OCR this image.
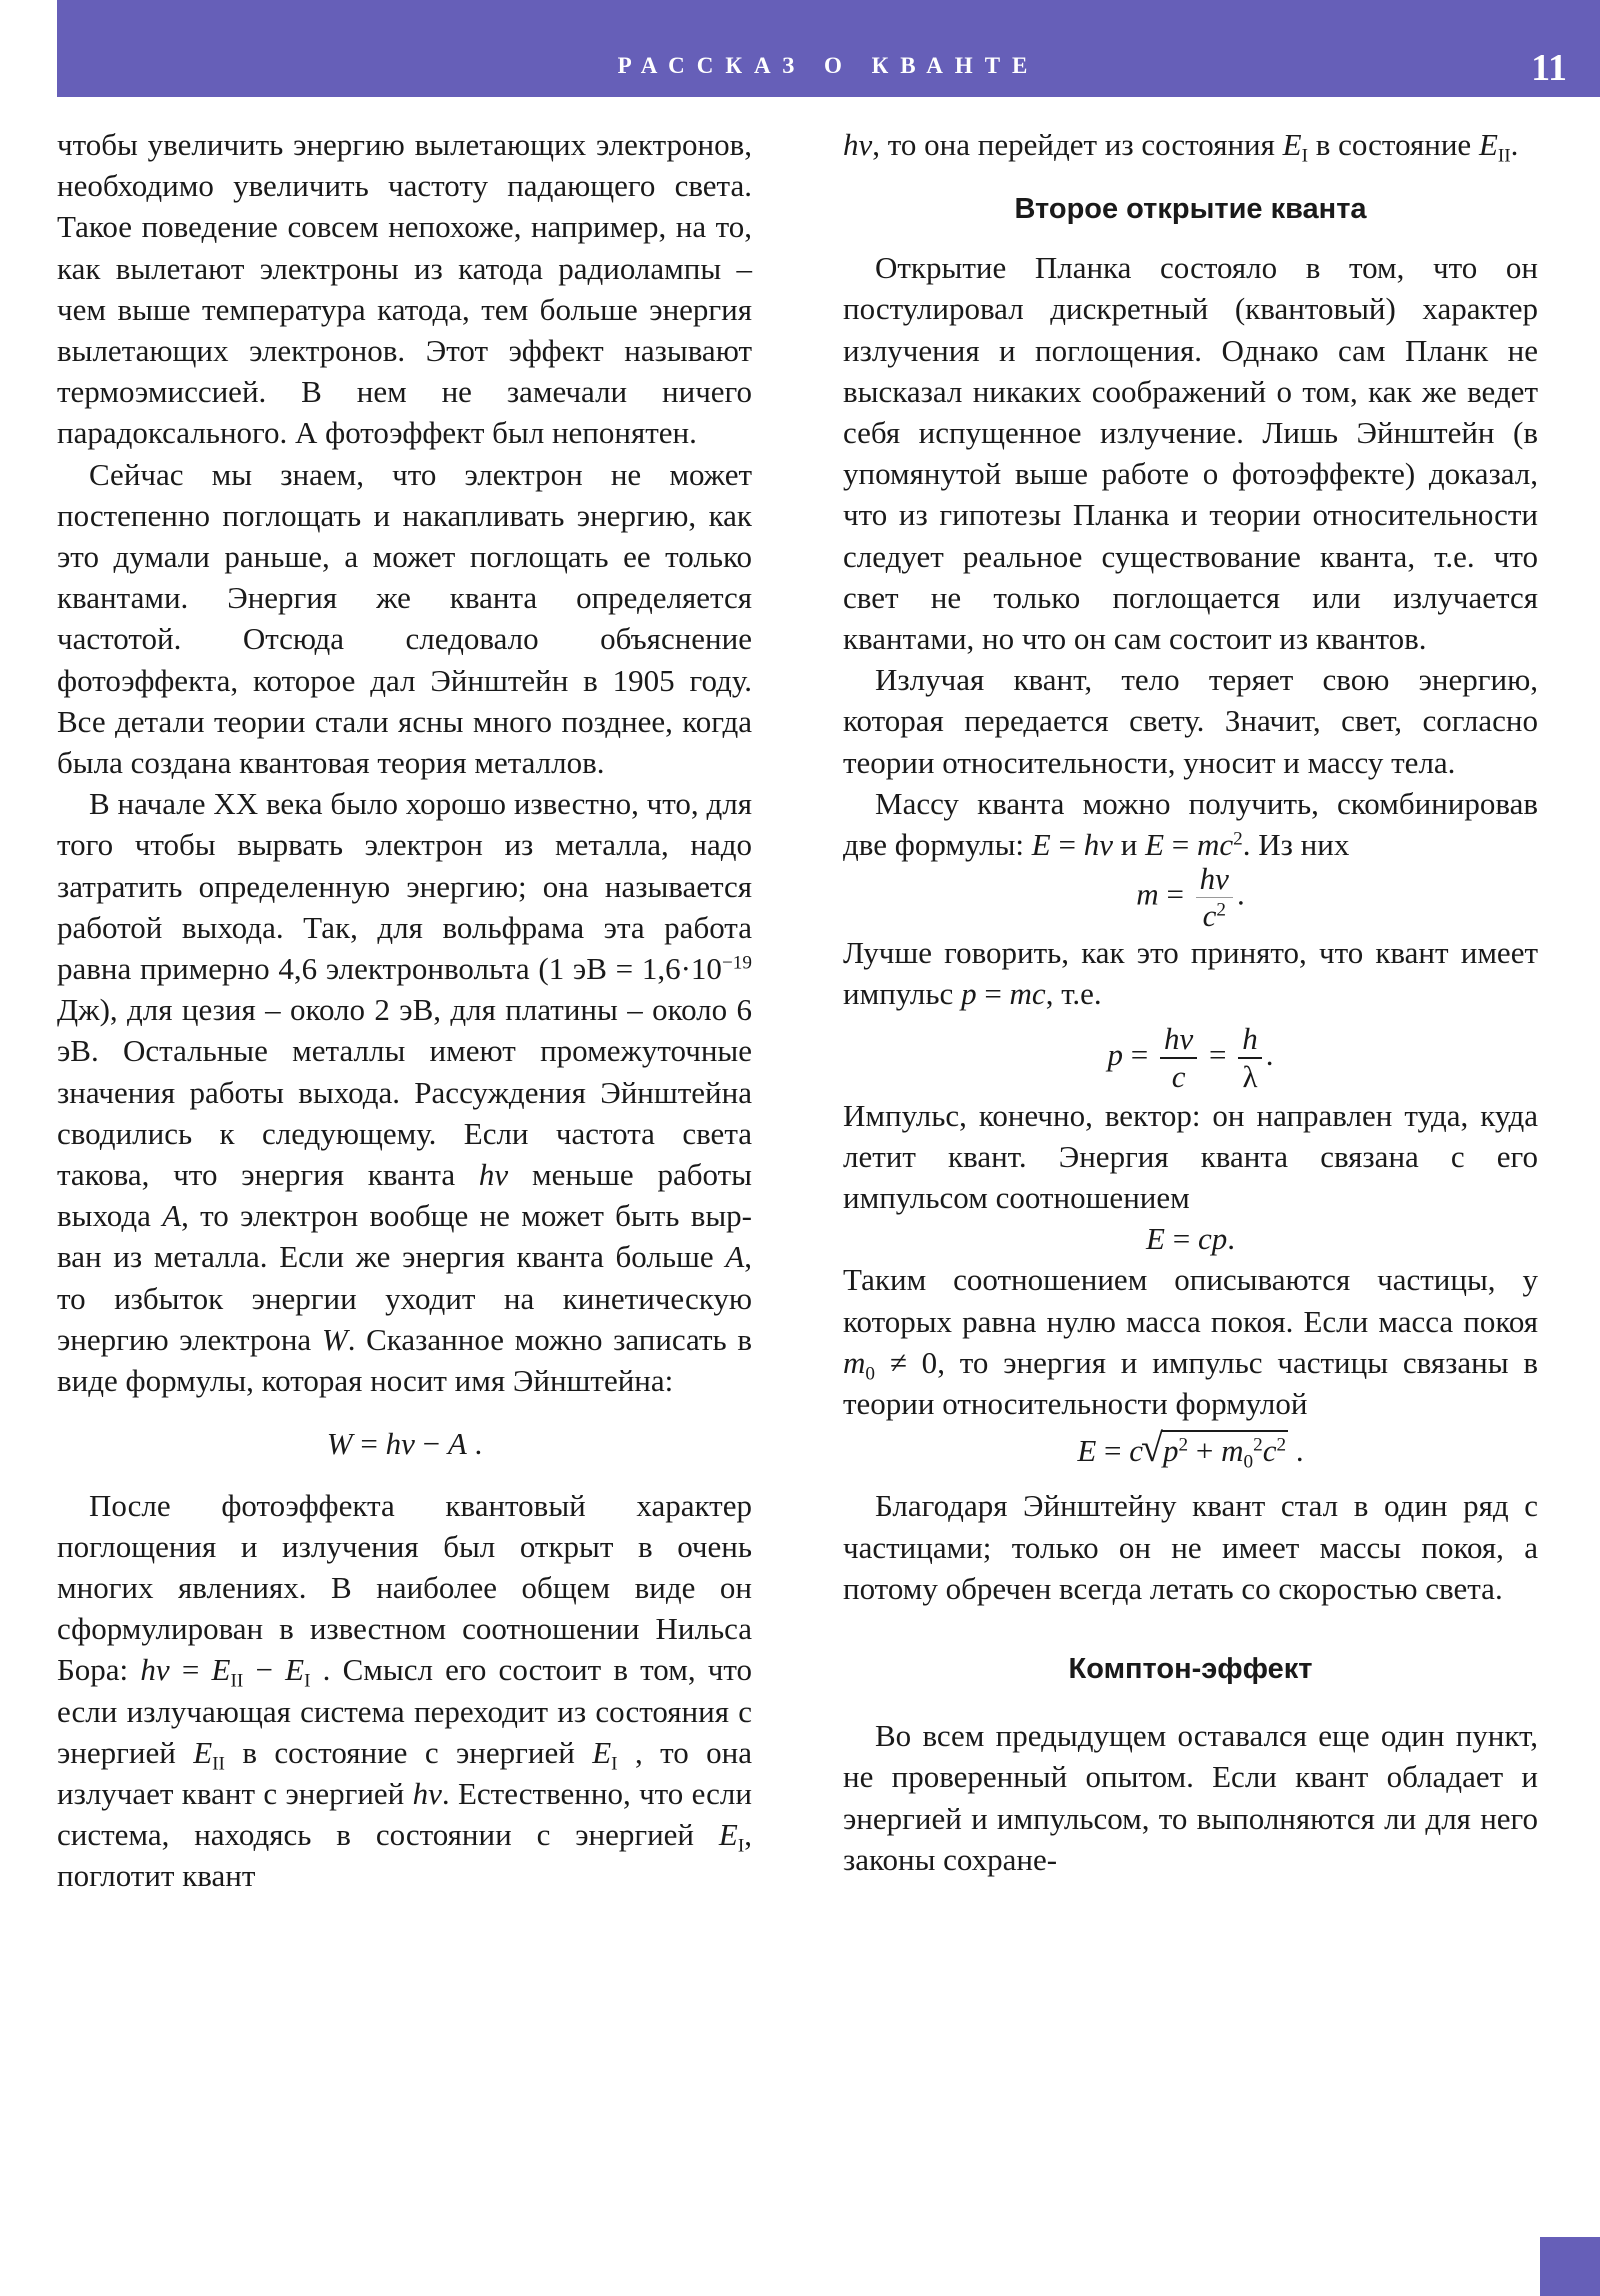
РАССКАЗ О КВАНТЕ	11

чтобы увеличить энергию вылетающих электронов, необходимо увеличить частоту падающего света. Такое поведение совсем непохоже, например, на то, как вылетают электроны из катода радиолампы – чем выше температура катода, тем больше энергия вылетающих электронов. Этот эффект называют термоэмиссией. В нем не замечали ничего парадоксального. А фотоэффект был непонятен.

Сейчас мы знаем, что электрон не может постепенно поглощать и накапливать энергию, как это думали раньше, а может поглощать ее только квантами. Энергия же кванта определяется частотой. Отсюда следовало объяснение фотоэффекта, которое дал Эйнштейн в 1905 году. Все детали теории стали ясны много позднее, когда была создана квантовая теория металлов.

В начале XX века было хорошо известно, что, для того чтобы вырвать электрон из металла, надо затратить определенную энергию; она называется работой выхода. Так, для вольфрама эта работа равна примерно 4,6 электронвольта (1 эВ = $1,6\cdot 10^{-19}$ Дж), для цезия – около 2 эВ, для платины – около 6 эВ. Остальные металлы имеют промежуточные значения работы выхода. Рассуждения Эйнштейна сводились к следующему. Если частота света такова, что энергия кванта hν меньше работы выхода A, то электрон вообще не может быть вырван из металла. Если же энергия кванта больше A, то избыток энергии уходит на кинетическую энергию электрона W. Сказанное можно записать в виде формулы, которая носит имя Эйнштейна:

W = hν − A .

После фотоэффекта квантовый характер поглощения и излучения был открыт в очень многих явлениях. В наиболее общем виде он сформулирован в известном соотношении Нильса Бора: $h\nu = E_{II} - E_I$ . Смысл его состоит в том, что если излучающая система переходит из состояния с энергией $E_{II}$ в состояние с энергией $E_I$ , то она излучает квант с энергией hν. Естественно, что если система, находясь в состоянии с энергией $E_I$, поглотит квант

hν, то она перейдет из состояния $E_I$ в состояние $E_{II}$.

Второе открытие кванта

Открытие Планка состояло в том, что он постулировал дискретный (квантовый) характер излучения и поглощения. Однако сам Планк не высказал никаких соображений о том, как же ведет себя испущенное излучение. Лишь Эйнштейн (в упомянутой выше работе о фотоэффекте) доказал, что из гипотезы Планка и теории относительности следует реальное существование кванта, т.е. что свет не только поглощается или излучается квантами, но что он сам состоит из квантов.

Излучая квант, тело теряет свою энергию, которая передается свету. Значит, свет, согласно теории относительности, уносит и массу тела.

Массу кванта можно получить, скомбинировав две формулы: E = hν и $E = mc^2$. Из них

$m = \frac{h\nu}{c^2}$ .

Лучше говорить, как это принято, что квант имеет импульс p = mc, т.е.

$p = \frac{h\nu}{c} = \frac{h}{\lambda}$ .

Импульс, конечно, вектор: он направлен туда, куда летит квант. Энергия кванта связана с его импульсом соотношением

E = cp.

Таким соотношением описываются частицы, у которых равна нулю масса покоя. Если масса покоя $m_0 \ne 0$, то энергия и импульс частицы связаны в теории относительности формулой

E = c √ $p^2 + m_0^2c^2$ .

Благодаря Эйнштейну квант стал в один ряд с частицами; только он не имеет массы покоя, а потому обречен всегда летать со скоростью света.

Комптон-эффект

Во всем предыдущем оставался еще один пункт, не проверенный опытом. Если квант обладает и энергией и импульсом, то выполняются ли для него законы сохране-
